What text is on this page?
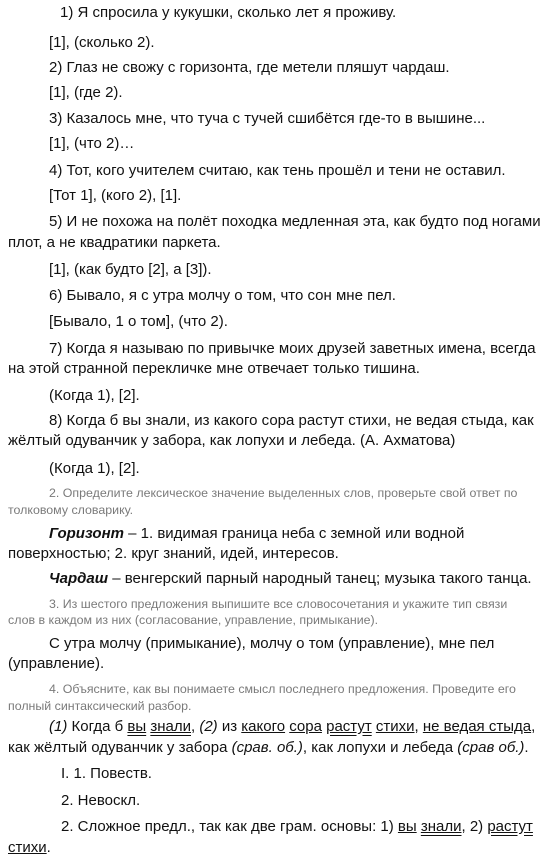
1) Я спросила у кукушки, сколько лет я проживу.
[1], (сколько 2).
2) Глаз не свожу с горизонта, где метели пляшут чардаш.
[1], (где 2).
3) Казалось мне, что туча с тучей сшибётся где-то в вышине...
[1], (что 2)…
4) Тот, кого учителем считаю, как тень прошёл и тени не оставил.
[Тот 1], (кого 2), [1].
5) И не похожа на полёт походка медленная эта, как будто под ногами
плот, а не квадратики паркета.
[1], (как будто [2], а [3]).
6) Бывало, я с утра молчу о том, что сон мне пел.
[Бывало, 1 о том], (что 2).
7) Когда я называю по привычке моих друзей заветных имена, всегда
на этой странной перекличке мне отвечает только тишина.
(Когда 1), [2].
8) Когда б вы знали, из какого сора растут стихи, не ведая стыда, как
жёлтый одуванчик у забора, как лопухи и лебеда. (А. Ахматова)
(Когда 1), [2].
2. Определите лексическое значение выделенных слов, проверьте свой ответ по
толковому словарику.
Горизонт – 1. видимая граница неба с земной или водной
поверхностью; 2. круг знаний, идей, интересов.
Чардаш – венгерский парный народный танец; музыка такого танца.
3. Из шестого предложения выпишите все словосочетания и укажите тип связи
слов в каждом из них (согласование, управление, примыкание).
С утра молчу (примыкание), молчу о том (управление), мне пел
(управление).
4. Объясните, как вы понимаете смысл последнего предложения. Проведите его
полный синтаксический разбор.
(1) Когда б вы знали, (2) из какого сора растут стихи, не ведая стыда,
как жёлтый одуванчик у забора (срав. об.), как лопухи и лебеда (срав об.).
I. 1. Повеств.
2. Невоскл.
2. Сложное предл., так как две грам. основы: 1) вы знали, 2) растут
стихи.
